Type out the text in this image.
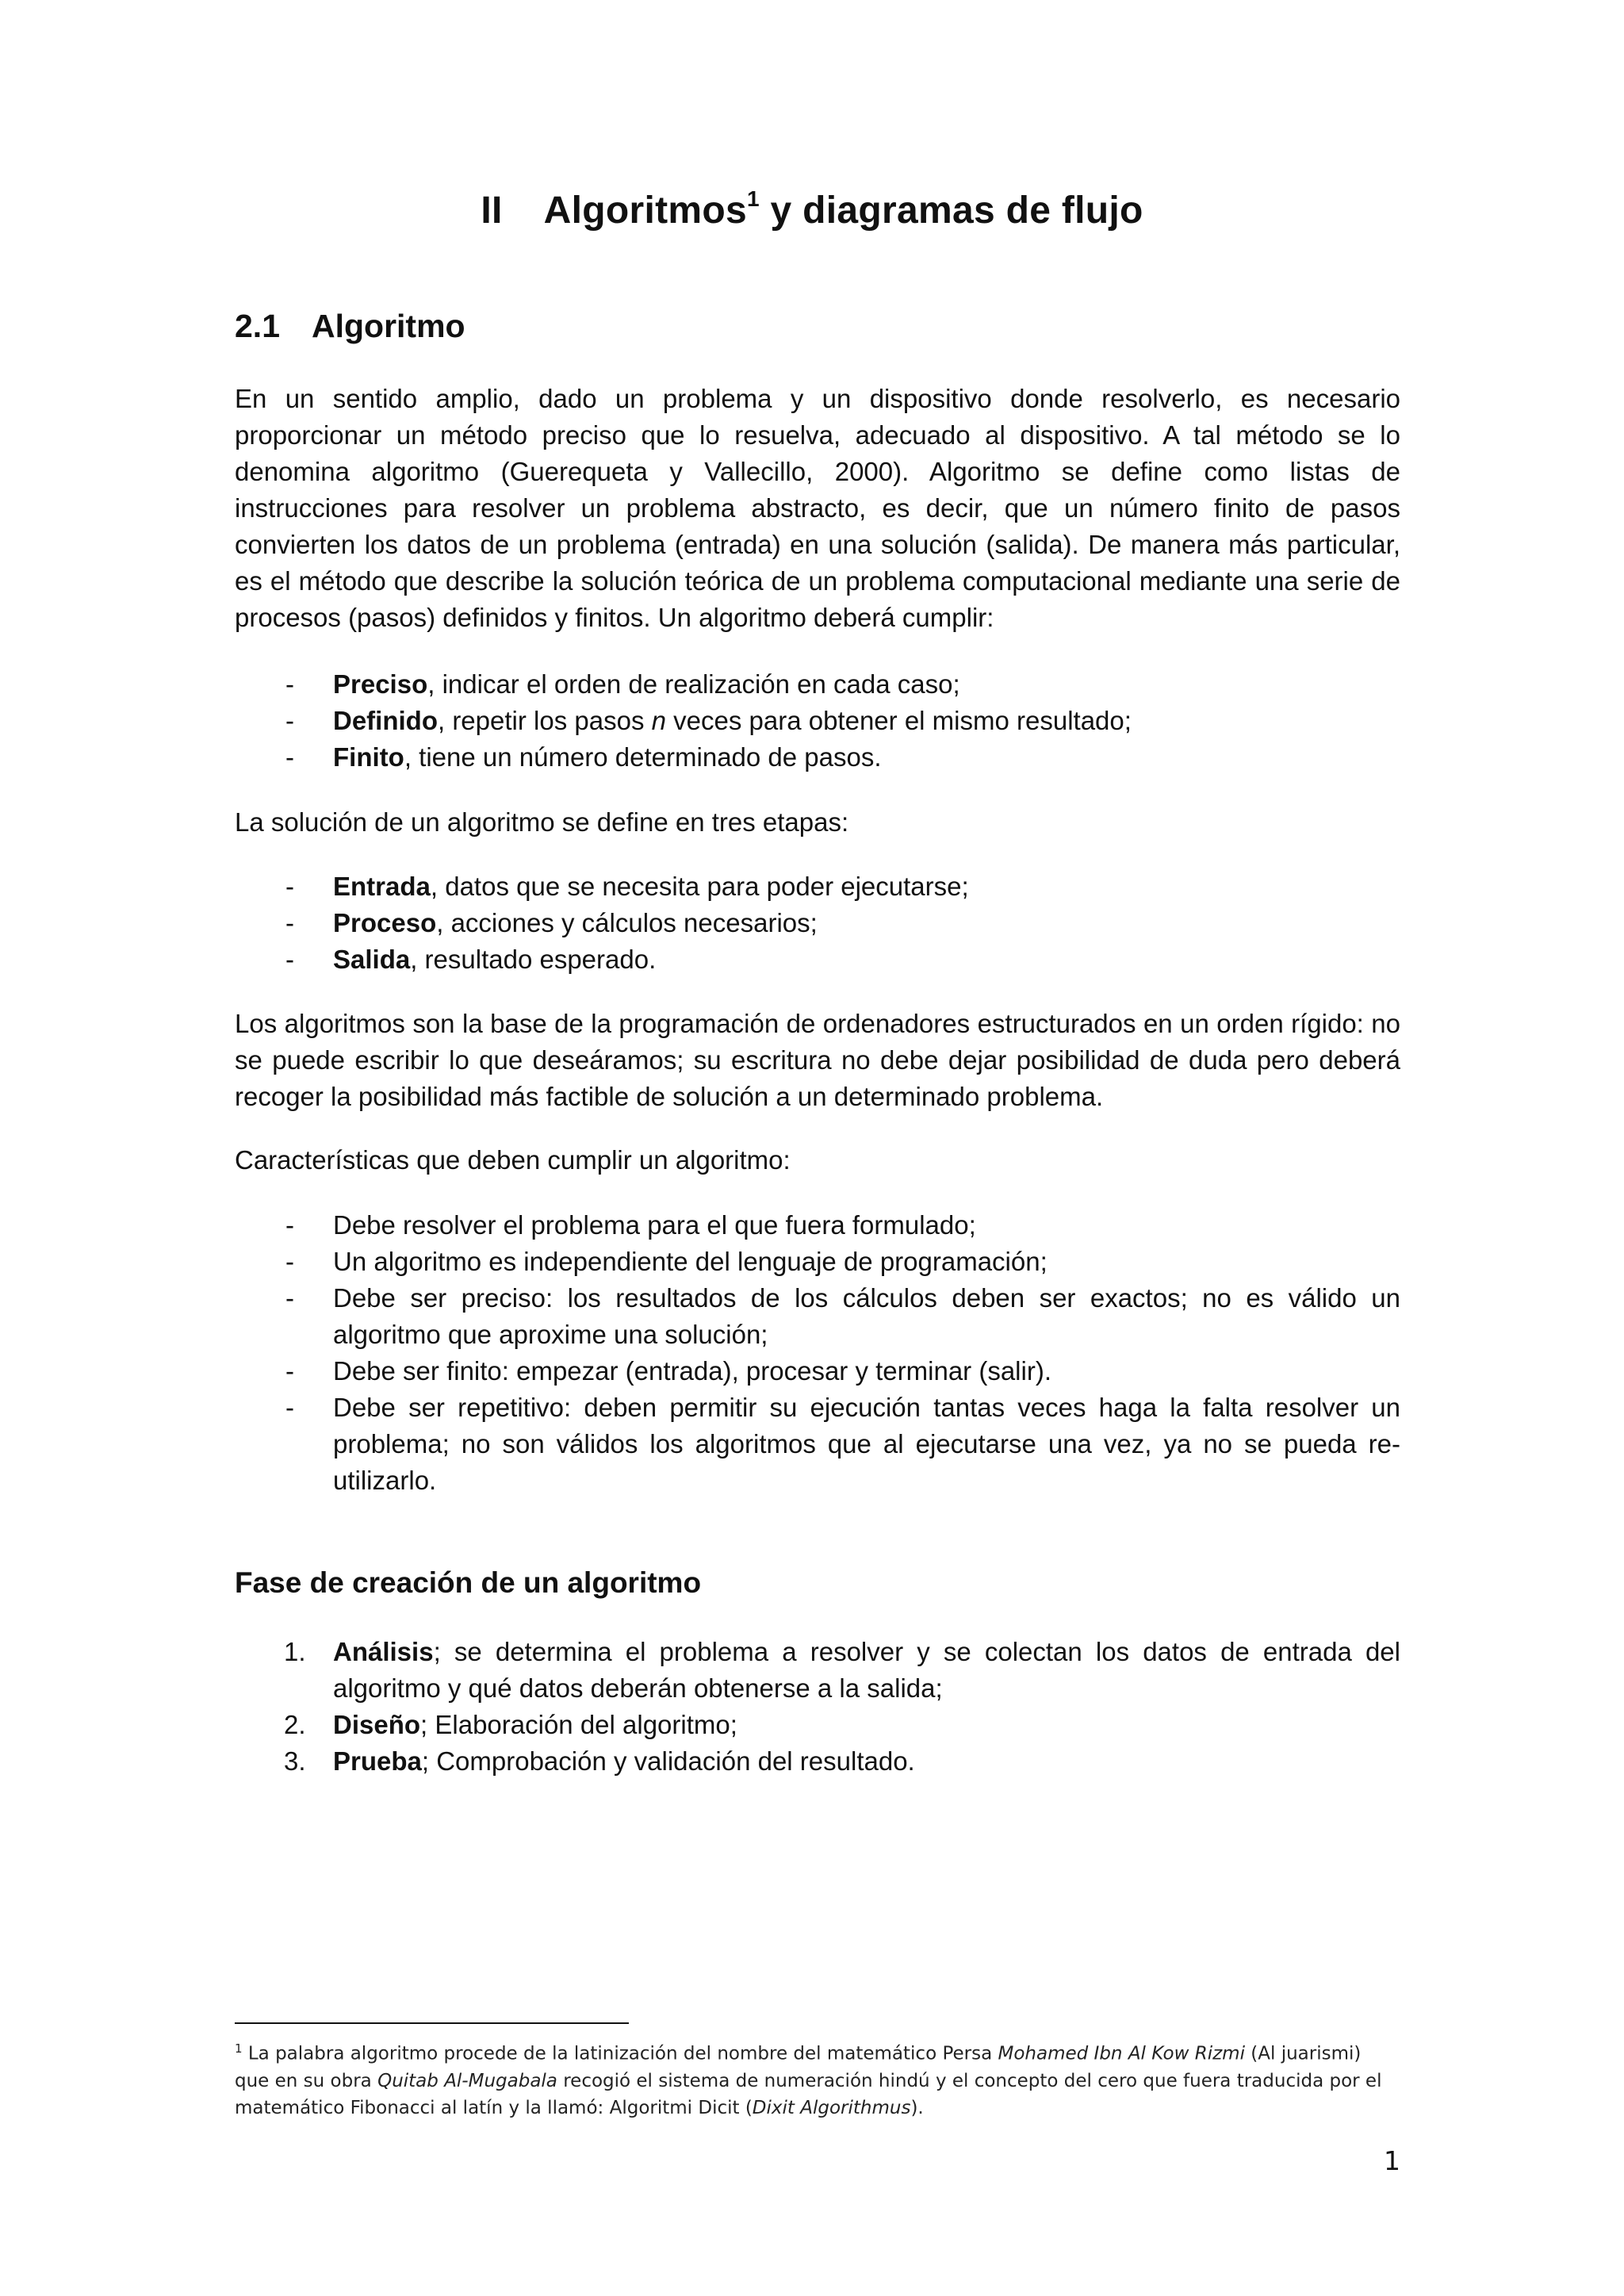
II Algoritmos$^1$ y diagramas de flujo
2.1 Algoritmo

En un sentido amplio, dado un problema y un dispositivo donde resolverlo, es necesario proporcionar un método preciso que lo resuelva, adecuado al dispositivo. A tal método se lo denomina algoritmo (Guerequeta y Vallecillo, 2000). Algoritmo se define como listas de instrucciones para resolver un problema abstracto, es decir, que un número finito de pasos convierten los datos de un problema (entrada) en una solución (salida). De manera más particular, es el método que describe la solución teórica de un problema computacional mediante una serie de procesos (pasos) definidos y finitos. Un algoritmo deberá cumplir:

- Preciso, indicar el orden de realización en cada caso;
- Definido, repetir los pasos n veces para obtener el mismo resultado;
- Finito, tiene un número determinado de pasos.

La solución de un algoritmo se define en tres etapas:

- Entrada, datos que se necesita para poder ejecutarse;
- Proceso, acciones y cálculos necesarios;
- Salida, resultado esperado.

Los algoritmos son la base de la programación de ordenadores estructurados en un orden rígido: no se puede escribir lo que deseáramos; su escritura no debe dejar posibilidad de duda pero deberá recoger la posibilidad más factible de solución a un determinado problema.

Características que deben cumplir un algoritmo:

- Debe resolver el problema para el que fuera formulado;
- Un algoritmo es independiente del lenguaje de programación;
- Debe ser preciso: los resultados de los cálculos deben ser exactos; no es válido un algoritmo que aproxime una solución;
- Debe ser finito: empezar (entrada), procesar y terminar (salir).
- Debe ser repetitivo: deben permitir su ejecución tantas veces haga la falta resolver un problema; no son válidos los algoritmos que al ejecutarse una vez, ya no se pueda re-utilizarlo.
Fase de creación de un algoritmo
1. Análisis; se determina el problema a resolver y se colectan los datos de entrada del algoritmo y qué datos deberán obtenerse a la salida;
2. Diseño; Elaboración del algoritmo;
3. Prueba; Comprobación y validación del resultado.
$^1$ La palabra algoritmo procede de la latinización del nombre del matemático Persa Mohamed Ibn Al Kow Rizmi (Al juarismi) que en su obra Quitab Al-Mugabala recogió el sistema de numeración hindú y el concepto del cero que fuera traducida por el matemático Fibonacci al latín y la llamó: Algoritmi Dicit (Dixit Algorithmus).
1
